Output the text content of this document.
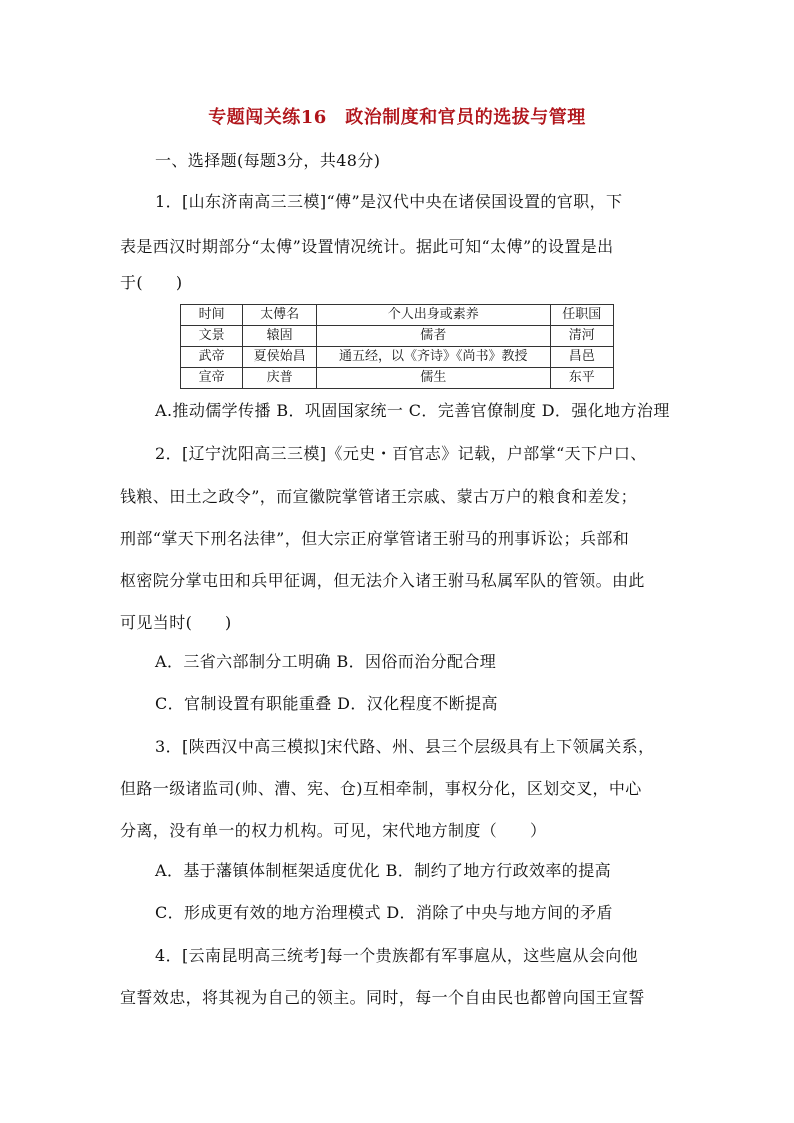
专题闯关练16　政治制度和官员的选拔与管理
一、选择题(每题3分，共48分)
1．[山东济南高三三模]“傅”是汉代中央在诸侯国设置的官职，下
表是西汉时期部分“太傅”设置情况统计。据此可知“太傅”的设置是出
于(　　)
时间	太傅名	个人出身或素养	任职国
文景	辕固	儒者	清河
武帝	夏侯始昌	通五经，以《齐诗》《尚书》教授	昌邑
宣帝	庆普	儒生	东平
A.推动儒学传播 B．巩固国家统一 C．完善官僚制度 D．强化地方治理
2．[辽宁沈阳高三三模]《元史・百官志》记载，户部掌“天下户口、
钱粮、田土之政令”，而宣徽院掌管诸王宗戚、蒙古万户的粮食和差发；
刑部“掌天下刑名法律”，但大宗正府掌管诸王驸马的刑事诉讼；兵部和
枢密院分掌屯田和兵甲征调，但无法介入诸王驸马私属军队的管领。由此
可见当时(　　)
A．三省六部制分工明确 B．因俗而治分配合理
C．官制设置有职能重叠 D．汉化程度不断提高
3．[陕西汉中高三模拟]宋代路、州、县三个层级具有上下领属关系，
但路一级诸监司(帅、漕、宪、仓)互相牵制，事权分化，区划交叉，中心
分离，没有单一的权力机构。可见，宋代地方制度（　　）
A．基于藩镇体制框架适度优化 B．制约了地方行政效率的提高
C．形成更有效的地方治理模式 D．消除了中央与地方间的矛盾
4．[云南昆明高三统考]每一个贵族都有军事扈从，这些扈从会向他
宣誓效忠，将其视为自己的领主。同时，每一个自由民也都曾向国王宣誓
